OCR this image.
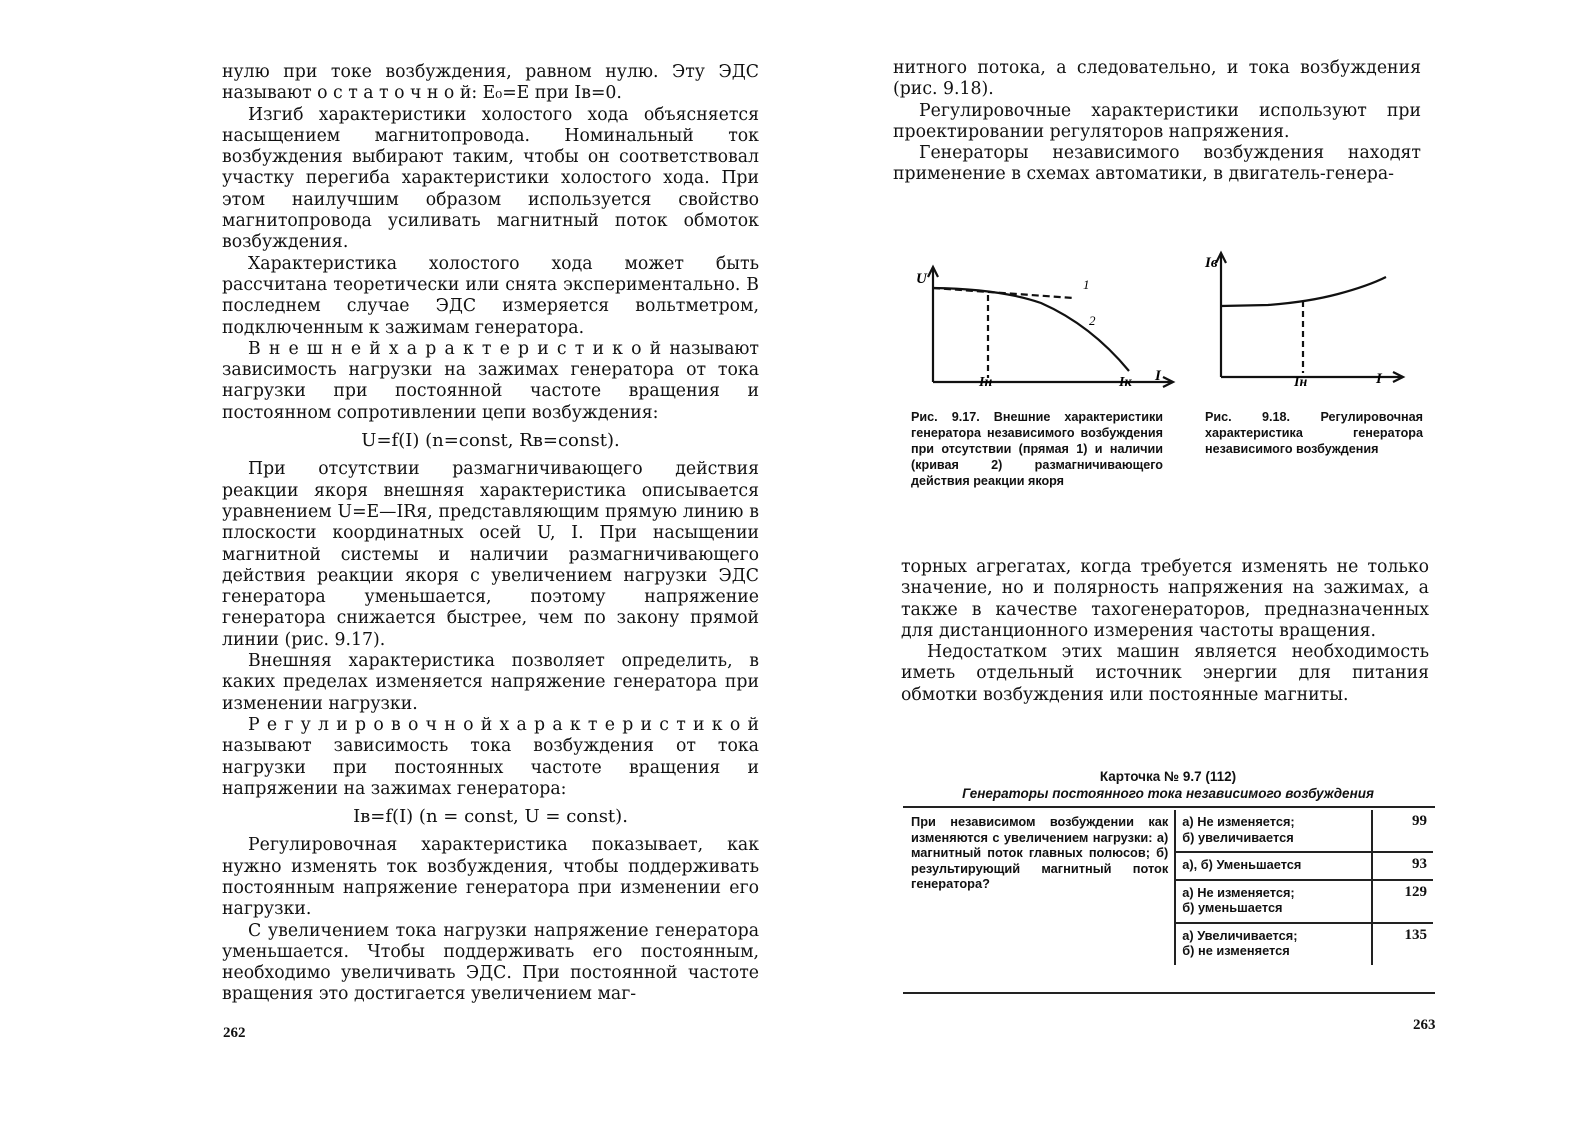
нулю при токе возбуждения, равном нулю. Эту ЭДС называют о с т а т о ч н о й: E₀=E при Iв=0.

Изгиб характеристики холостого хода объясняется насыщением магнитопровода. Номинальный ток возбуждения выбирают таким, чтобы он соответствовал участку перегиба характеристики холостого хода. При этом наилучшим образом используется свойство магнитопровода усиливать магнитный поток обмоток возбуждения.

Характеристика холостого хода может быть рассчитана теоретически или снята экспериментально. В последнем случае ЭДС измеряется вольтметром, подключенным к зажимам генератора.

В н е ш н е й х а р а к т е р и с т и к о й называют зависимость нагрузки на зажимах генератора от тока нагрузки при постоянной частоте вращения и постоянном сопротивлении цепи возбуждения:

U=f(I) (n=const, Rв=const).

При отсутствии размагничивающего действия реакции якоря внешняя характеристика описывается уравнением U=E—IRя, представляющим прямую линию в плоскости координатных осей U, I. При насыщении магнитной системы и наличии размагничивающего действия реакции якоря с увеличением нагрузки ЭДС генератора уменьшается, поэтому напряжение генератора снижается быстрее, чем по закону прямой линии (рис. 9.17).

Внешняя характеристика позволяет определить, в каких пределах изменяется напряжение генератора при изменении нагрузки.

Р е г у л и р о в о ч н о й х а р а к т е р и с т и к о й называют зависимость тока возбуждения от тока нагрузки при постоянных частоте вращения и напряжении на зажимах генератора:

Iв=f(I) (n = const, U = const).

Регулировочная характеристика показывает, как нужно изменять ток возбуждения, чтобы поддерживать постоянным напряжение генератора при изменении его нагрузки.

С увеличением тока нагрузки напряжение генератора уменьшается. Чтобы поддерживать его постоянным, необходимо увеличивать ЭДС. При постоянной частоте вращения это достигается увеличением маг-

262

нитного потока, а следовательно, и тока возбуждения (рис. 9.18).

Регулировочные характеристики используют при проектировании регуляторов напряжения.

Генераторы независимого возбуждения находят применение в схемах автоматики, в двигатель-генера-

U
I
Iн	Iк
1
2
Рис. 9.17. Внешние характеристики генератора независимого возбуждения при отсутствии (прямая 1) и наличии (кривая 2) размагничивающего действия реакции якоря
Iв
I
Iн
Рис. 9.18. Регулировочная характеристика генератора независимого возбуждения

торных агрегатах, когда требуется изменять не только значение, но и полярность напряжения на зажимах, а также в качестве тахогенераторов, предназначенных для дистанционного измерения частоты вращения.

Недостатком этих машин является необходимость иметь отдельный источник энергии для питания обмотки возбуждения или постоянные магниты.

Карточка № 9.7 (112)
Генераторы постоянного тока независимого возбуждения
При независимом возбуждении как изменяются с увеличением нагрузки: а) магнитный поток главных полюсов; б) результирующий магнитный поток генератора?	а) Не изменяется;
б) увеличивается	99
	а), б) Уменьшается	93
	а) Не изменяется;
б) уменьшается	129
	а) Увеличивается;
б) не изменяется	135
263
